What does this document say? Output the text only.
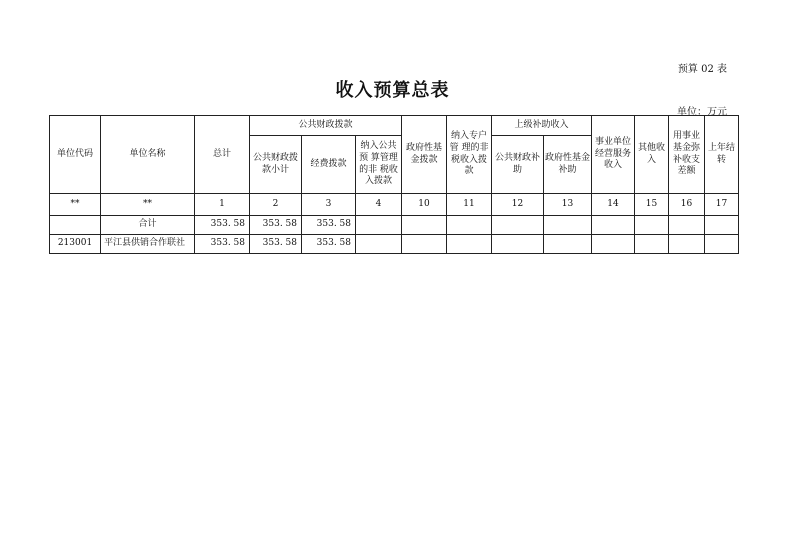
预算 02 表
收入预算总表
单位：万元
单位代码	单位名称	总计	公共财政拨款			政府性基金拨款	纳入专户管 理的非税收入拨款	上级补助收入		事业单位经营服务收入	其他收入	用事业基金弥补收支差额	上年结转
			公共财政拨款小计	经费拨款	纳入公共预 算管理的非 税收入拨款			公共财政补助	政府性基金补助				
**	**	1	2	3	4	10	11	12	13	14	15	16	17
	合计	353. 58	353. 58	353. 58									
213001	平江县供销合作联社	353. 58	353. 58	353. 58									
